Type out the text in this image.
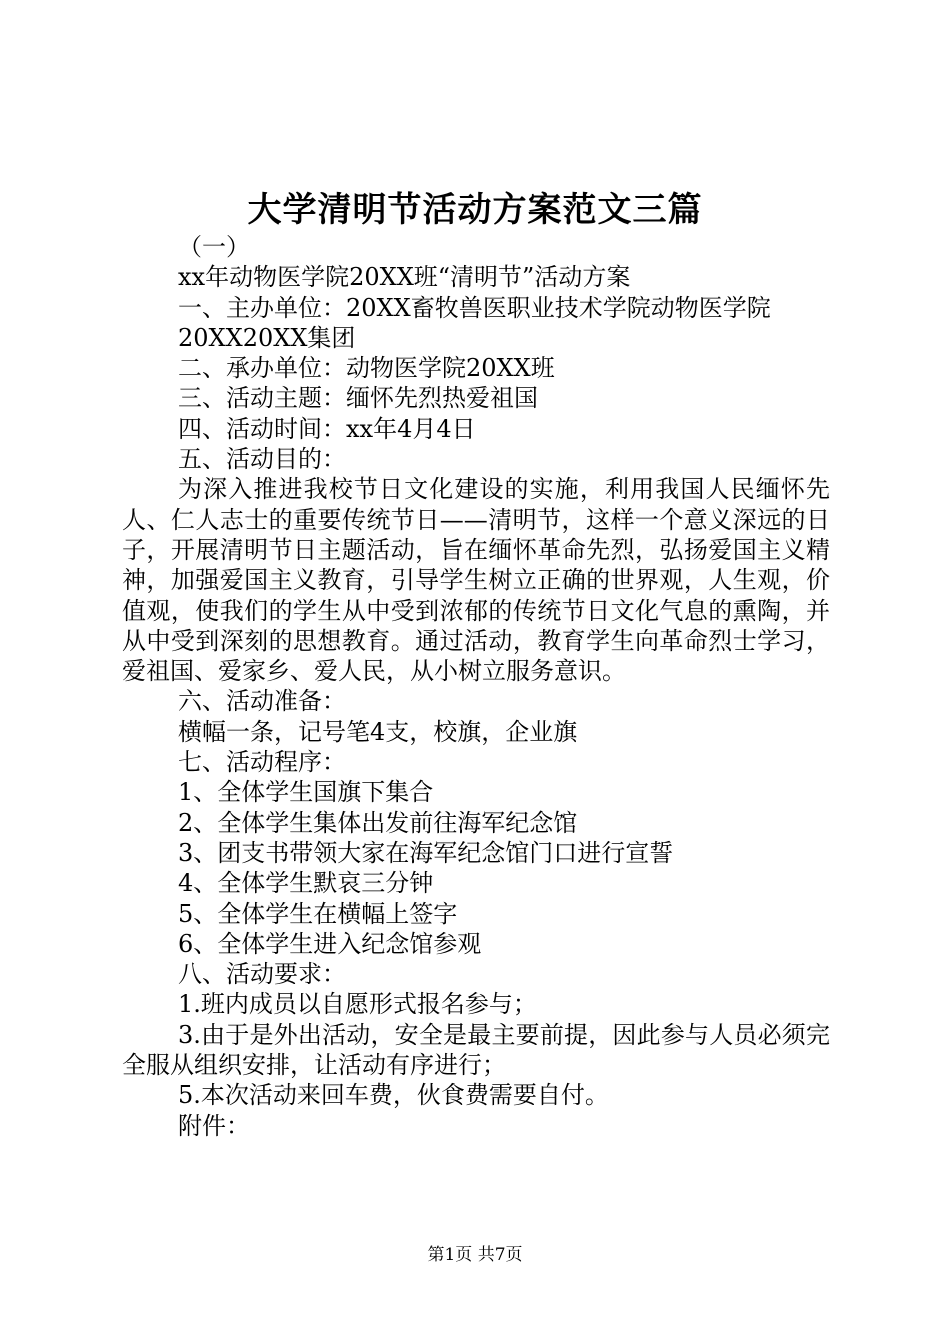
大学清明节活动方案范文三篇
（一）
xx年动物医学院20XX班“清明节”活动方案
一、主办单位：20XX畜牧兽医职业技术学院动物医学院
20XX20XX集团
二、承办单位：动物医学院20XX班
三、活动主题：缅怀先烈热爱祖国
四、活动时间：xx年4月4日
五、活动目的：
为深入推进我校节日文化建设的实施，利用我国人民缅怀先人、仁人志士的重要传统节日——清明节，这样一个意义深远的日子，开展清明节日主题活动，旨在缅怀革命先烈，弘扬爱国主义精神，加强爱国主义教育，引导学生树立正确的世界观，人生观，价值观，使我们的学生从中受到浓郁的传统节日文化气息的熏陶，并从中受到深刻的思想教育。通过活动，教育学生向革命烈士学习，爱祖国、爱家乡、爱人民，从小树立服务意识。
六、活动准备：
横幅一条，记号笔4支，校旗，企业旗
七、活动程序：
1、全体学生国旗下集合
2、全体学生集体出发前往海军纪念馆
3、团支书带领大家在海军纪念馆门口进行宣誓
4、全体学生默哀三分钟
5、全体学生在横幅上签字
6、全体学生进入纪念馆参观
八、活动要求：
1.班内成员以自愿形式报名参与；
3.由于是外出活动，安全是最主要前提，因此参与人员必须完全服从组织安排，让活动有序进行；
5.本次活动来回车费，伙食费需要自付。
附件：
第1页 共7页
